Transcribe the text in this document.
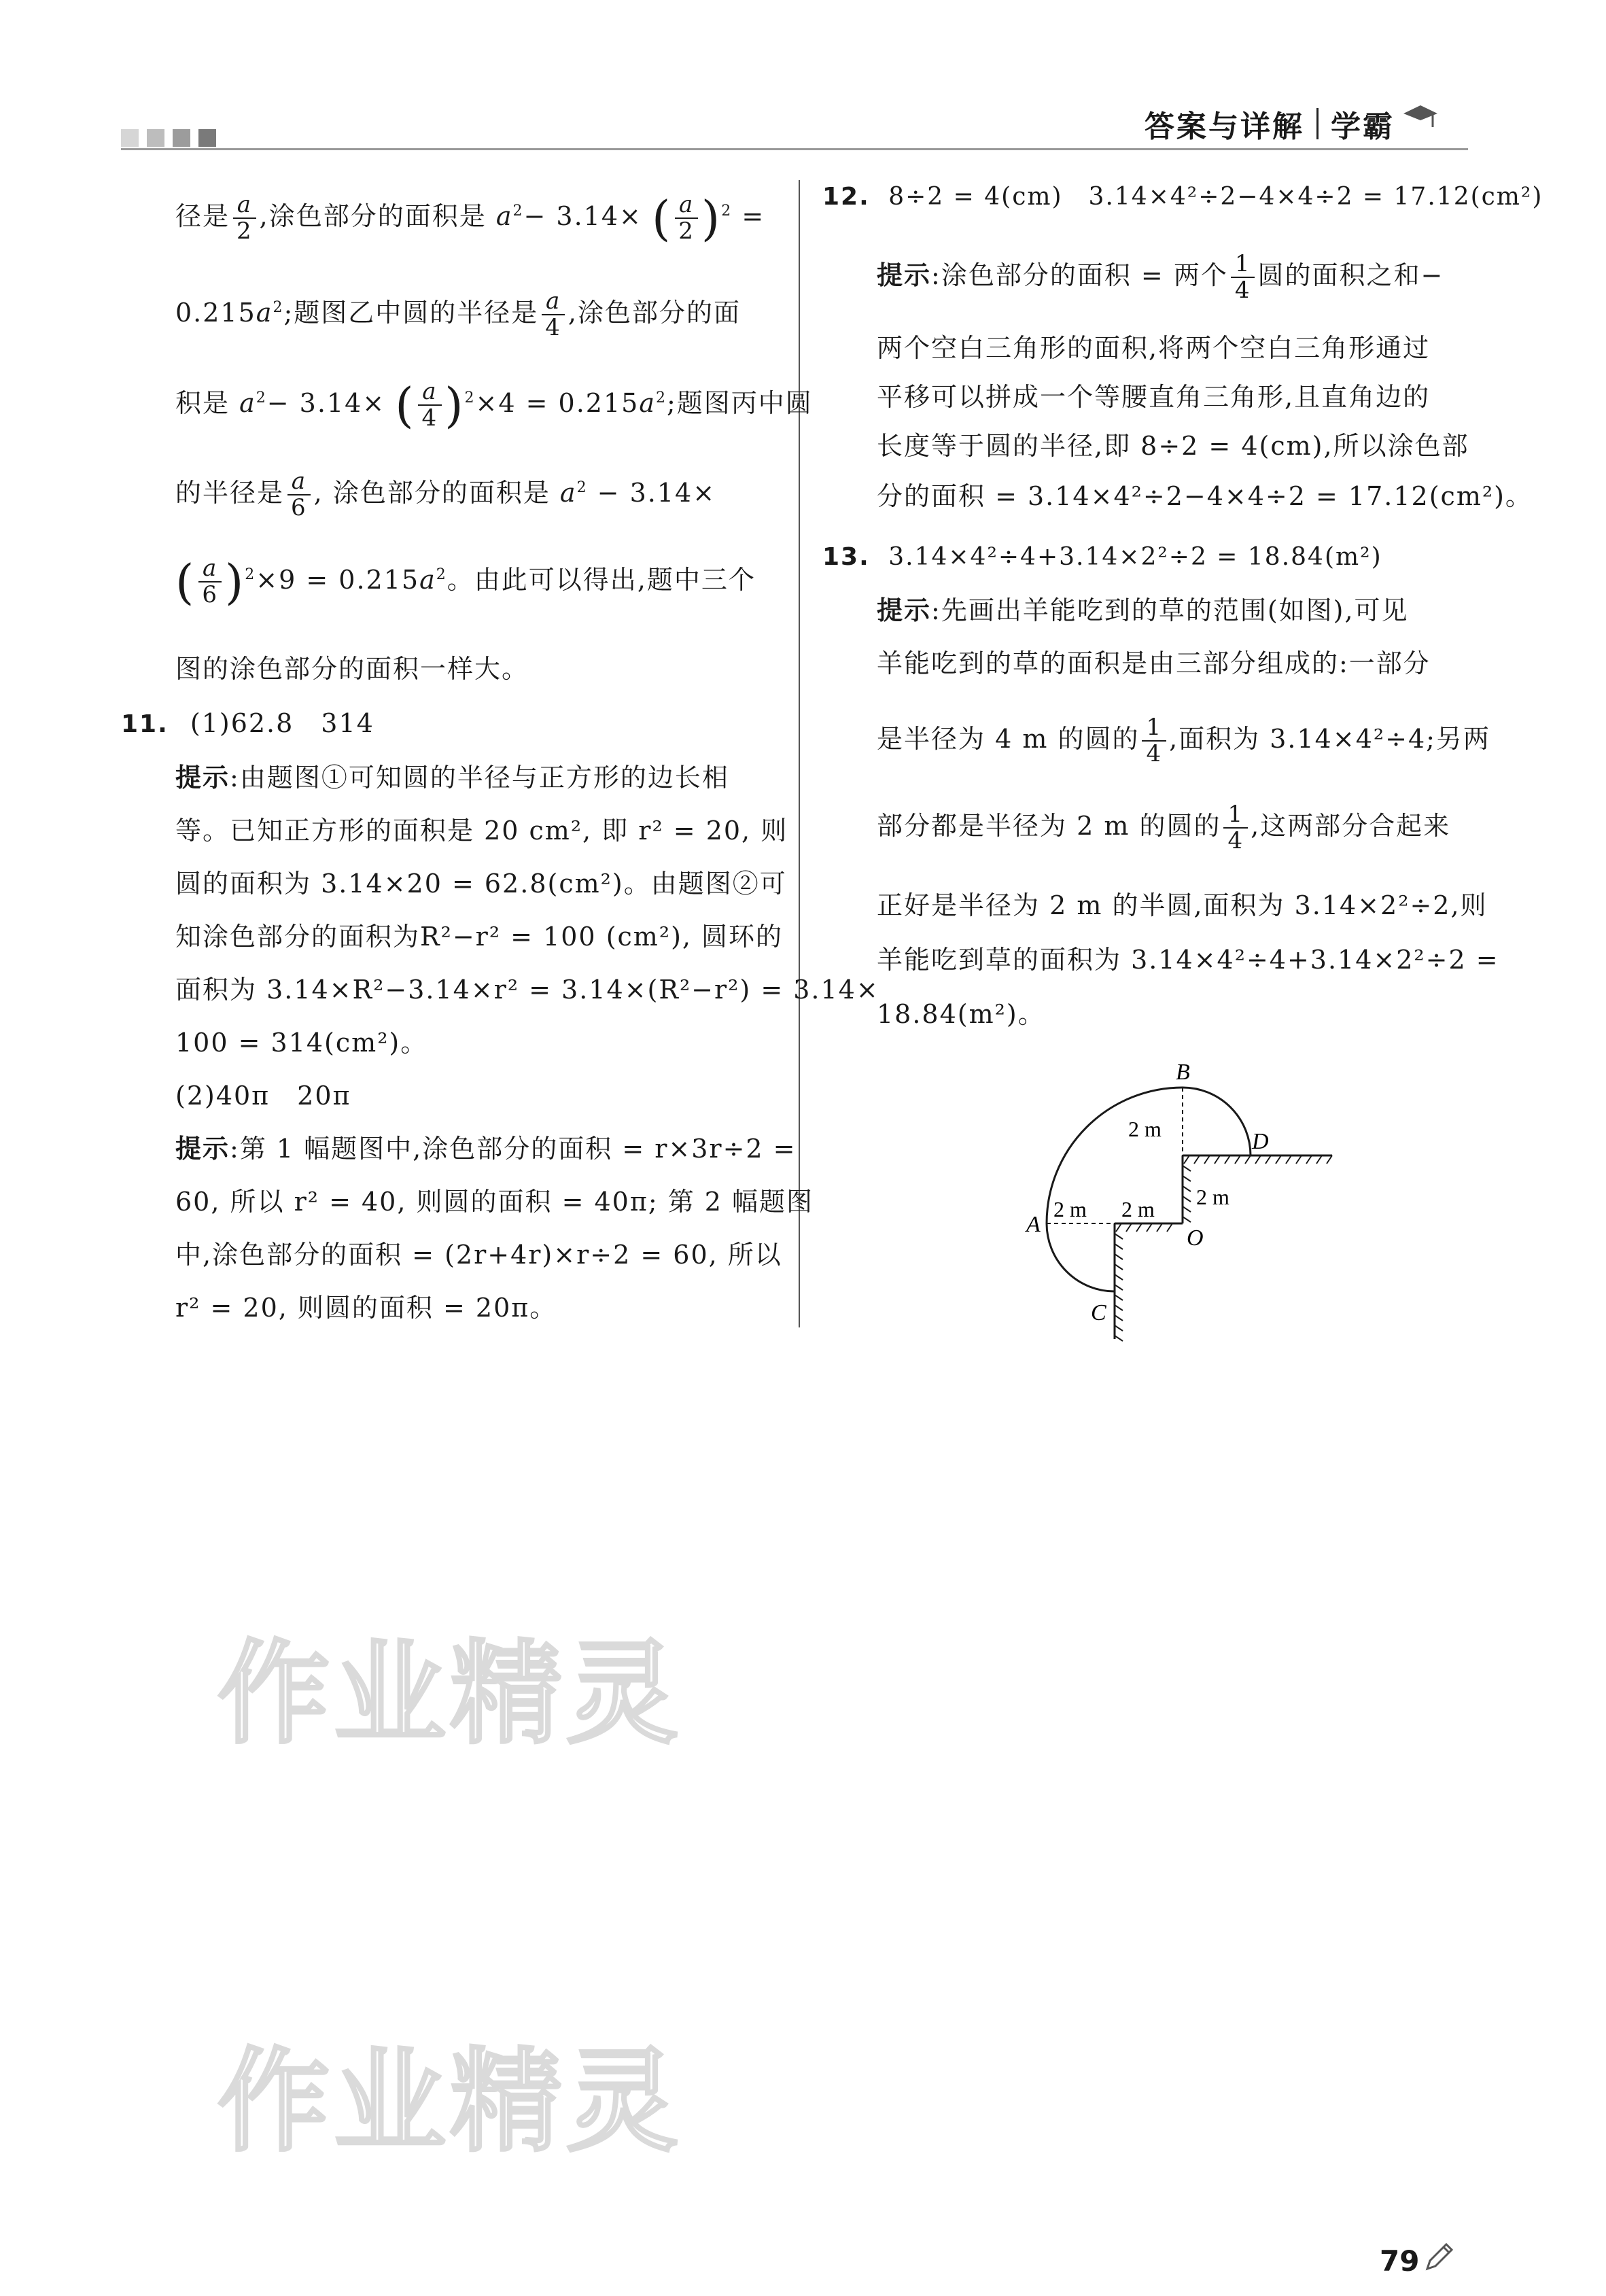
答案与详解 学霸
径是 $\frac{a}{2}$ ,涂色部分的面积是 $a^2- 3.14\times$ ( $\frac{a}{2} )^2$ =
$0.215a^2$;题图乙中圆的半径是 $\frac{a}{4}$ ,涂色部分的面
积是 $a^2- 3.14\times$ ( $\frac{a}{4} )^2\times 4 = 0.215a^2$;题图丙中圆
的半径是 $\frac{a}{6}$ , 涂色部分的面积是 $a^2 - 3.14\times$
( $\frac{a}{6} )^2\times 9 = 0.215a^2$。由此可以得出,题中三个
图的涂色部分的面积一样大。
11. (1)62.8　314
提示:由题图①可知圆的半径与正方形的边长相
等。已知正方形的面积是 20 cm², 即 r² = 20, 则
圆的面积为 3.14×20 = 62.8(cm²)。由题图②可
知涂色部分的面积为R²−r² = 100 (cm²), 圆环的
面积为 3.14×R²−3.14×r² = 3.14×(R²−r²) = 3.14×
100 = 314(cm²)。
(2)40π　20π
提示:第 1 幅题图中,涂色部分的面积 = r×3r÷2 =
60, 所以 r² = 40, 则圆的面积 = 40π; 第 2 幅题图
中,涂色部分的面积 = (2r+4r)×r÷2 = 60, 所以
r² = 20, 则圆的面积 = 20π。
12. 8÷2 = 4(cm)　3.14×4²÷2−4×4÷2 = 17.12(cm²)
提示:涂色部分的面积 = 两个 $\frac{1}{4}$ 圆的面积之和−
两个空白三角形的面积,将两个空白三角形通过
平移可以拼成一个等腰直角三角形,且直角边的
长度等于圆的半径,即 8÷2 = 4(cm),所以涂色部
分的面积 = 3.14×4²÷2−4×4÷2 = 17.12(cm²)。
13. 3.14×4²÷4+3.14×2²÷2 = 18.84(m²)
提示:先画出羊能吃到的草的范围(如图),可见
羊能吃到的草的面积是由三部分组成的:一部分
是半径为 4 m 的圆的 $\frac{1}{4}$ ,面积为 3.14×4²÷4;另两
部分都是半径为 2 m 的圆的 $\frac{1}{4}$ ,这两部分合起来
正好是半径为 2 m 的半圆,面积为 3.14×2²÷2,则
羊能吃到草的面积为 3.14×4²÷4+3.14×2²÷2 =
18.84(m²)。
B
D
A
O
C
2 m
2 m
2 m 2 m
作业精灵
作业精灵
79
